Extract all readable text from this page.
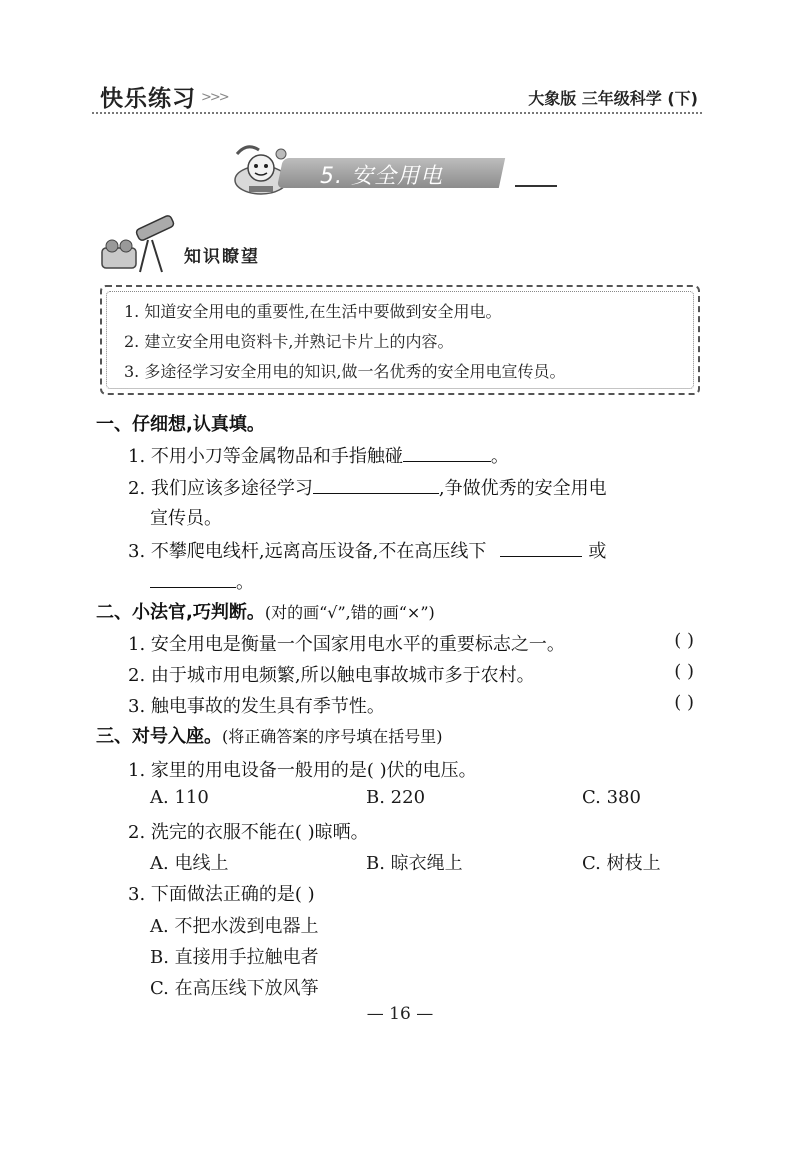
快乐练习 >>>	大象版 三年级科学 (下)
5. 安全用电
知识瞭望
1. 知道安全用电的重要性,在生活中要做到安全用电。
2. 建立安全用电资料卡,并熟记卡片上的内容。
3. 多途径学习安全用电的知识,做一名优秀的安全用电宣传员。
一、仔细想,认真填。
1. 不用小刀等金属物品和手指触碰	。
2. 我们应该多途径学习	,争做优秀的安全用电
宣传员。
3. 不攀爬电线杆,远离高压设备,不在高压线下	或
。
二、小法官,巧判断。(对的画“√”,错的画“×”)
1. 安全用电是衡量一个国家用电水平的重要标志之一。	( )
2. 由于城市用电频繁,所以触电事故城市多于农村。	( )
3. 触电事故的发生具有季节性。	( )
三、对号入座。(将正确答案的序号填在括号里)
1. 家里的用电设备一般用的是( )伏的电压。
A. 110	B. 220	C. 380
2. 洗完的衣服不能在( )晾晒。
A. 电线上	B. 晾衣绳上	C. 树枝上
3. 下面做法正确的是( )
A. 不把水泼到电器上
B. 直接用手拉触电者
C. 在高压线下放风筝
— 16 —
